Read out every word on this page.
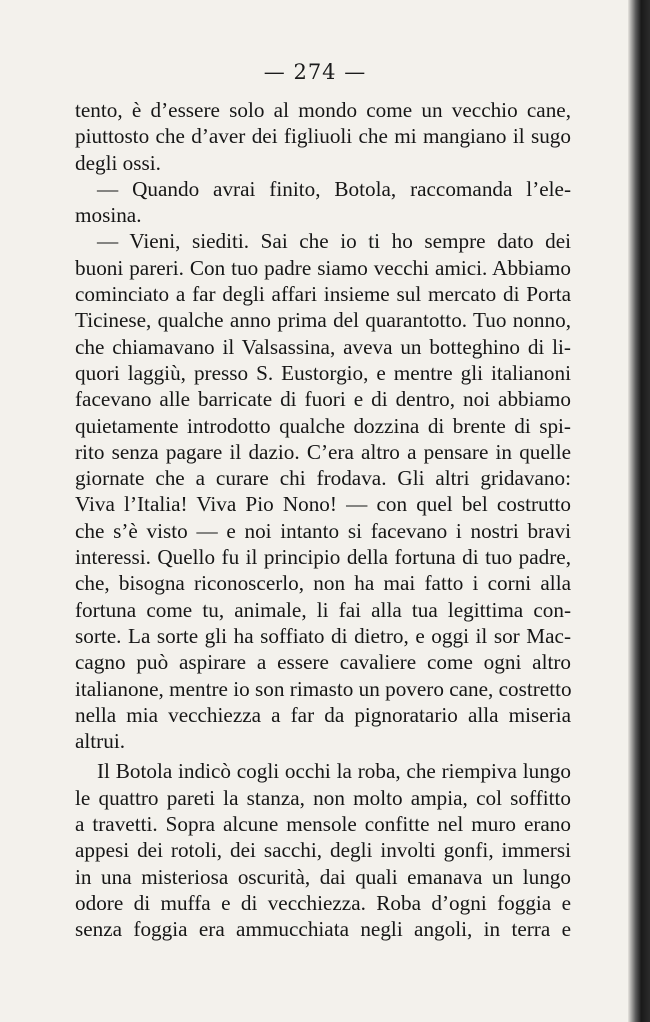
— 274 —
tento, è d’essere solo al mondo come un vecchio cane,
piuttosto che d’aver dei figliuoli che mi mangiano il sugo
degli ossi.
— Quando avrai finito, Botola, raccomanda l’ele-
mosina.
— Vieni, siediti. Sai che io ti ho sempre dato dei
buoni pareri. Con tuo padre siamo vecchi amici. Abbiamo
cominciato a far degli affari insieme sul mercato di Porta
Ticinese, qualche anno prima del quarantotto. Tuo nonno,
che chiamavano il Valsassina, aveva un botteghino di li-
quori laggiù, presso S. Eustorgio, e mentre gli italianoni
facevano alle barricate di fuori e di dentro, noi abbiamo
quietamente introdotto qualche dozzina di brente di spi-
rito senza pagare il dazio. C’era altro a pensare in quelle
giornate che a curare chi frodava. Gli altri gridavano:
Viva l’Italia! Viva Pio Nono! — con quel bel costrutto
che s’è visto — e noi intanto si facevano i nostri bravi
interessi. Quello fu il principio della fortuna di tuo padre,
che, bisogna riconoscerlo, non ha mai fatto i corni alla
fortuna come tu, animale, li fai alla tua legittima con-
sorte. La sorte gli ha soffiato di dietro, e oggi il sor Mac-
cagno può aspirare a essere cavaliere come ogni altro
italianone, mentre io son rimasto un povero cane, costretto
nella mia vecchiezza a far da pignoratario alla miseria
altrui.
Il Botola indicò cogli occhi la roba, che riempiva lungo
le quattro pareti la stanza, non molto ampia, col soffitto
a travetti. Sopra alcune mensole confitte nel muro erano
appesi dei rotoli, dei sacchi, degli involti gonfi, immersi
in una misteriosa oscurità, dai quali emanava un lungo
odore di muffa e di vecchiezza. Roba d’ogni foggia e
senza foggia era ammucchiata negli angoli, in terra e
